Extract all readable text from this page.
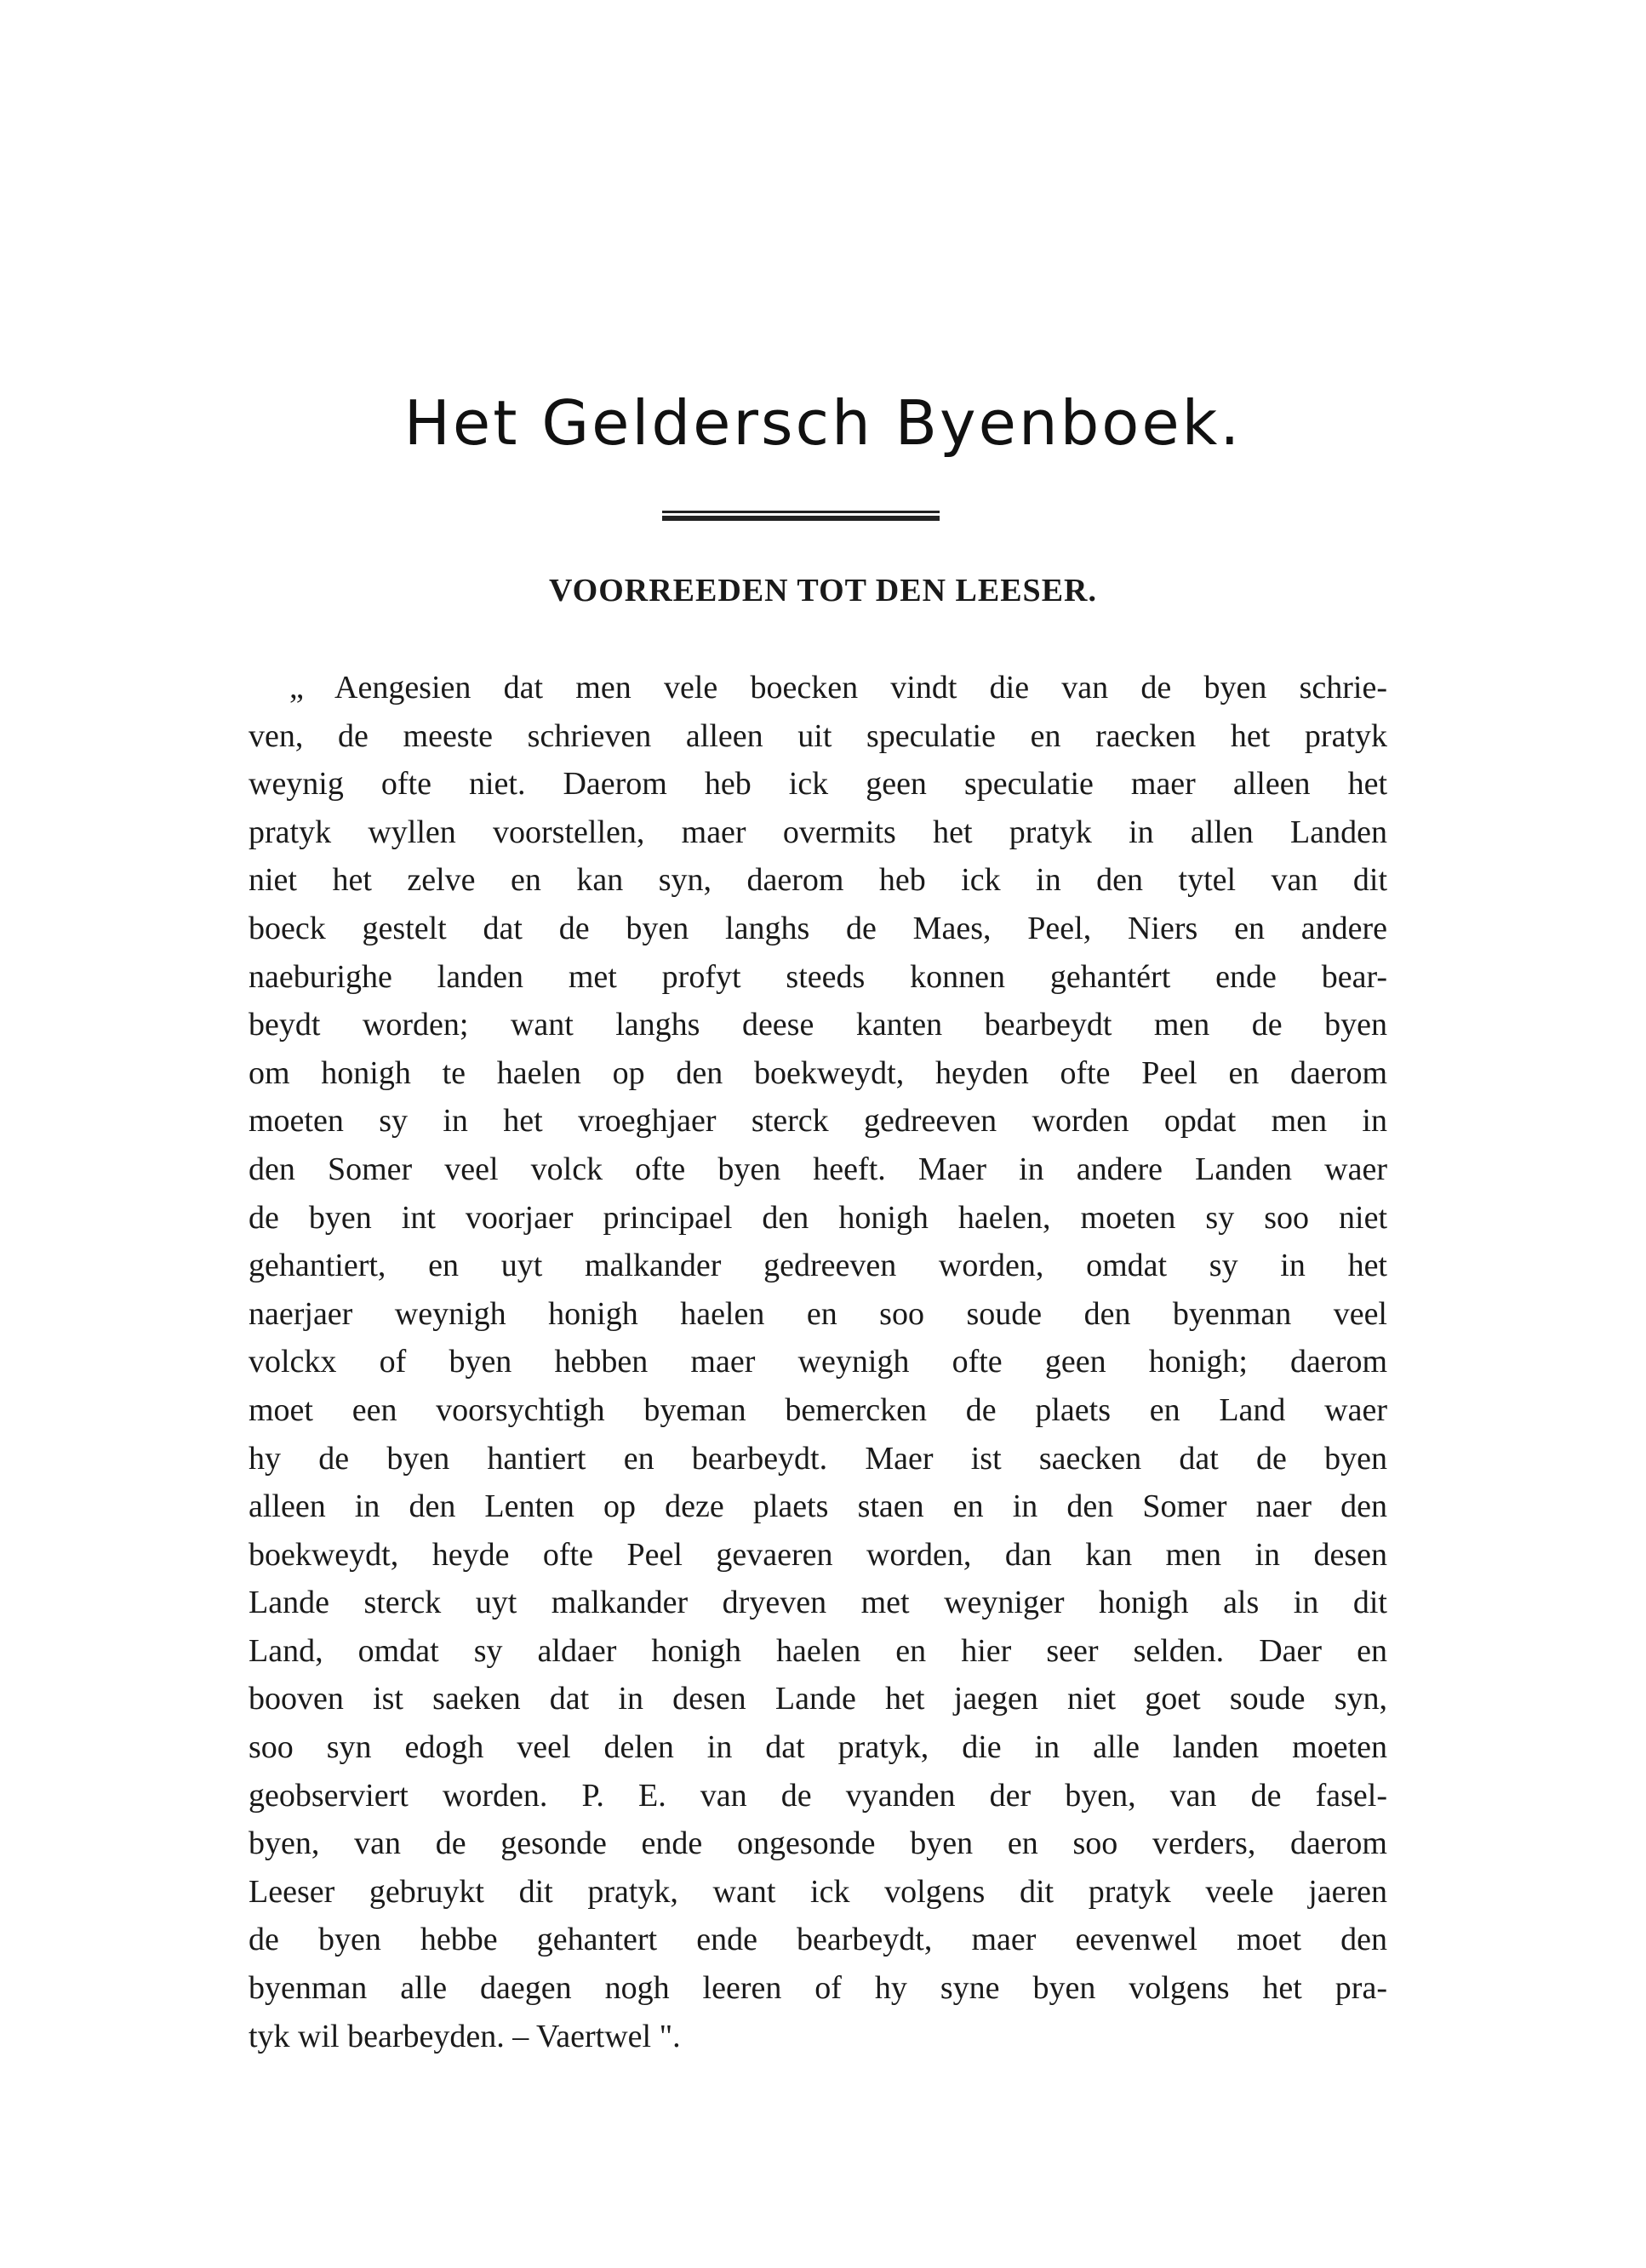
Het Geldersch Byenboek.
VOORREEDEN TOT DEN LEESER.
„ Aengesien dat men vele boecken vindt die van de byen schrie-
ven, de meeste schrieven alleen uit speculatie en raecken het pratyk
weynig ofte niet. Daerom heb ick geen speculatie maer alleen het
pratyk wyllen voorstellen, maer overmits het pratyk in allen Landen
niet het zelve en kan syn, daerom heb ick in den tytel van dit
boeck gestelt dat de byen langhs de Maes, Peel, Niers en andere
naeburighe landen met profyt steeds konnen gehantért ende bear-
beydt worden; want langhs deese kanten bearbeydt men de byen
om honigh te haelen op den boekweydt, heyden ofte Peel en daerom
moeten sy in het vroeghjaer sterck gedreeven worden opdat men in
den Somer veel volck ofte byen heeft. Maer in andere Landen waer
de byen int voorjaer principael den honigh haelen, moeten sy soo niet
gehantiert, en uyt malkander gedreeven worden, omdat sy in het
naerjaer weynigh honigh haelen en soo soude den byenman veel
volckx of byen hebben maer weynigh ofte geen honigh; daerom
moet een voorsychtigh byeman bemercken de plaets en Land waer
hy de byen hantiert en bearbeydt. Maer ist saecken dat de byen
alleen in den Lenten op deze plaets staen en in den Somer naer den
boekweydt, heyde ofte Peel gevaeren worden, dan kan men in desen
Lande sterck uyt malkander dryeven met weyniger honigh als in dit
Land, omdat sy aldaer honigh haelen en hier seer selden. Daer en
booven ist saeken dat in desen Lande het jaegen niet goet soude syn,
soo syn edogh veel delen in dat pratyk, die in alle landen moeten
geobserviert worden. P. E. van de vyanden der byen, van de fasel-
byen, van de gesonde ende ongesonde byen en soo verders, daerom
Leeser gebruykt dit pratyk, want ick volgens dit pratyk veele jaeren
de byen hebbe gehantert ende bearbeydt, maer eevenwel moet den
byenman alle daegen nogh leeren of hy syne byen volgens het pra-
tyk wil bearbeyden. – Vaertwel ".
